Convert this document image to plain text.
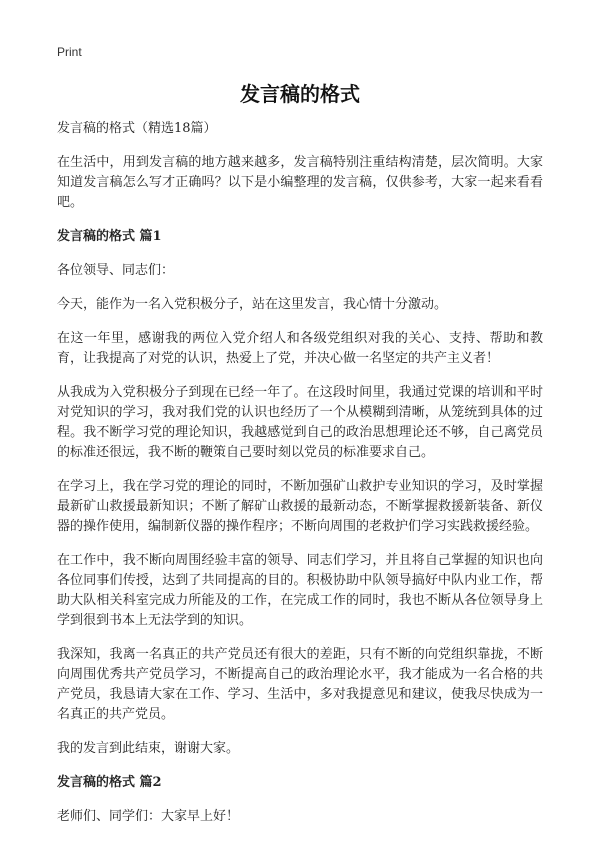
Print
发言稿的格式

发言稿的格式（精选18篇）

在生活中，用到发言稿的地方越来越多，发言稿特别注重结构清楚，层次简明。大家知道发言稿怎么写才正确吗？以下是小编整理的发言稿，仅供参考，大家一起来看看吧。

发言稿的格式 篇1

各位领导、同志们：

今天，能作为一名入党积极分子，站在这里发言，我心情十分激动。

在这一年里，感谢我的两位入党介绍人和各级党组织对我的关心、支持、帮助和教育，让我提高了对党的认识，热爱上了党，并决心做一名坚定的共产主义者！

从我成为入党积极分子到现在已经一年了。在这段时间里，我通过党课的培训和平时对党知识的学习，我对我们党的认识也经历了一个从模糊到清晰，从笼统到具体的过程。我不断学习党的理论知识，我越感觉到自己的政治思想理论还不够，自己离党员的标准还很远，我不断的鞭策自己要时刻以党员的标准要求自己。

在学习上，我在学习党的理论的同时，不断加强矿山救护专业知识的学习，及时掌握最新矿山救援最新知识；不断了解矿山救援的最新动态，不断掌握救援新装备、新仪器的操作使用，编制新仪器的操作程序；不断向周围的老救护们学习实践救援经验。

在工作中，我不断向周围经验丰富的领导、同志们学习，并且将自己掌握的知识也向各位同事们传授，达到了共同提高的目的。积极协助中队领导搞好中队内业工作，帮助大队相关科室完成力所能及的工作，在完成工作的同时，我也不断从各位领导身上学到很到书本上无法学到的知识。

我深知，我离一名真正的共产党员还有很大的差距，只有不断的向党组织靠拢，不断向周围优秀共产党员学习，不断提高自己的政治理论水平，我才能成为一名合格的共产党员，我恳请大家在工作、学习、生活中，多对我提意见和建议，使我尽快成为一名真正的共产党员。

我的发言到此结束，谢谢大家。

发言稿的格式 篇2

老师们、同学们：大家早上好！
